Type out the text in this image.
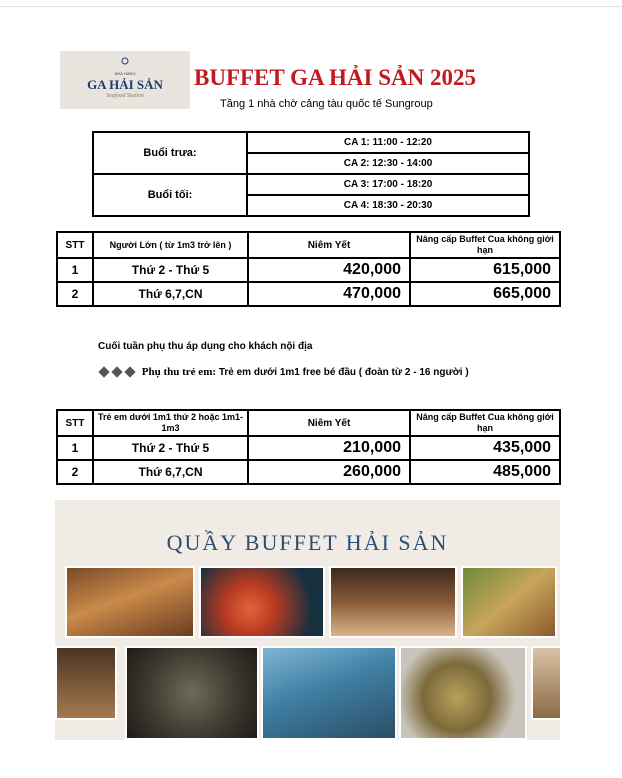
NHÀ HÀNG
GA HẢI SẢN
Seafood Station
BUFFET GA HẢI SẢN 2025
Tầng 1 nhà chờ cảng tàu quốc tế Sungroup
Buổi trưa:	CA 1: 11:00 - 12:20
	CA 2: 12:30 - 14:00
Buổi tối:	CA 3: 17:00 - 18:20
	CA 4: 18:30 - 20:30
STT	Người Lớn ( từ 1m3 trở lên )	Niêm Yết	Nâng cấp Buffet Cua không giới hạn
1	Thứ 2 - Thứ 5	420,000	615,000
2	Thứ 6,7,CN	470,000	665,000
Cuối tuần phụ thu áp dụng cho khách nội địa
Phụ thu trẻ em: Trẻ em dưới 1m1 free bé đầu ( đoàn từ 2 - 16 người )
STT	Trẻ em dưới 1m1 thứ 2 hoặc 1m1-1m3	Niêm Yết	Nâng cấp Buffet Cua không giới hạn
1	Thứ 2 - Thứ 5	210,000	435,000
2	Thứ 6,7,CN	260,000	485,000
QUẦY BUFFET HẢI SẢN
